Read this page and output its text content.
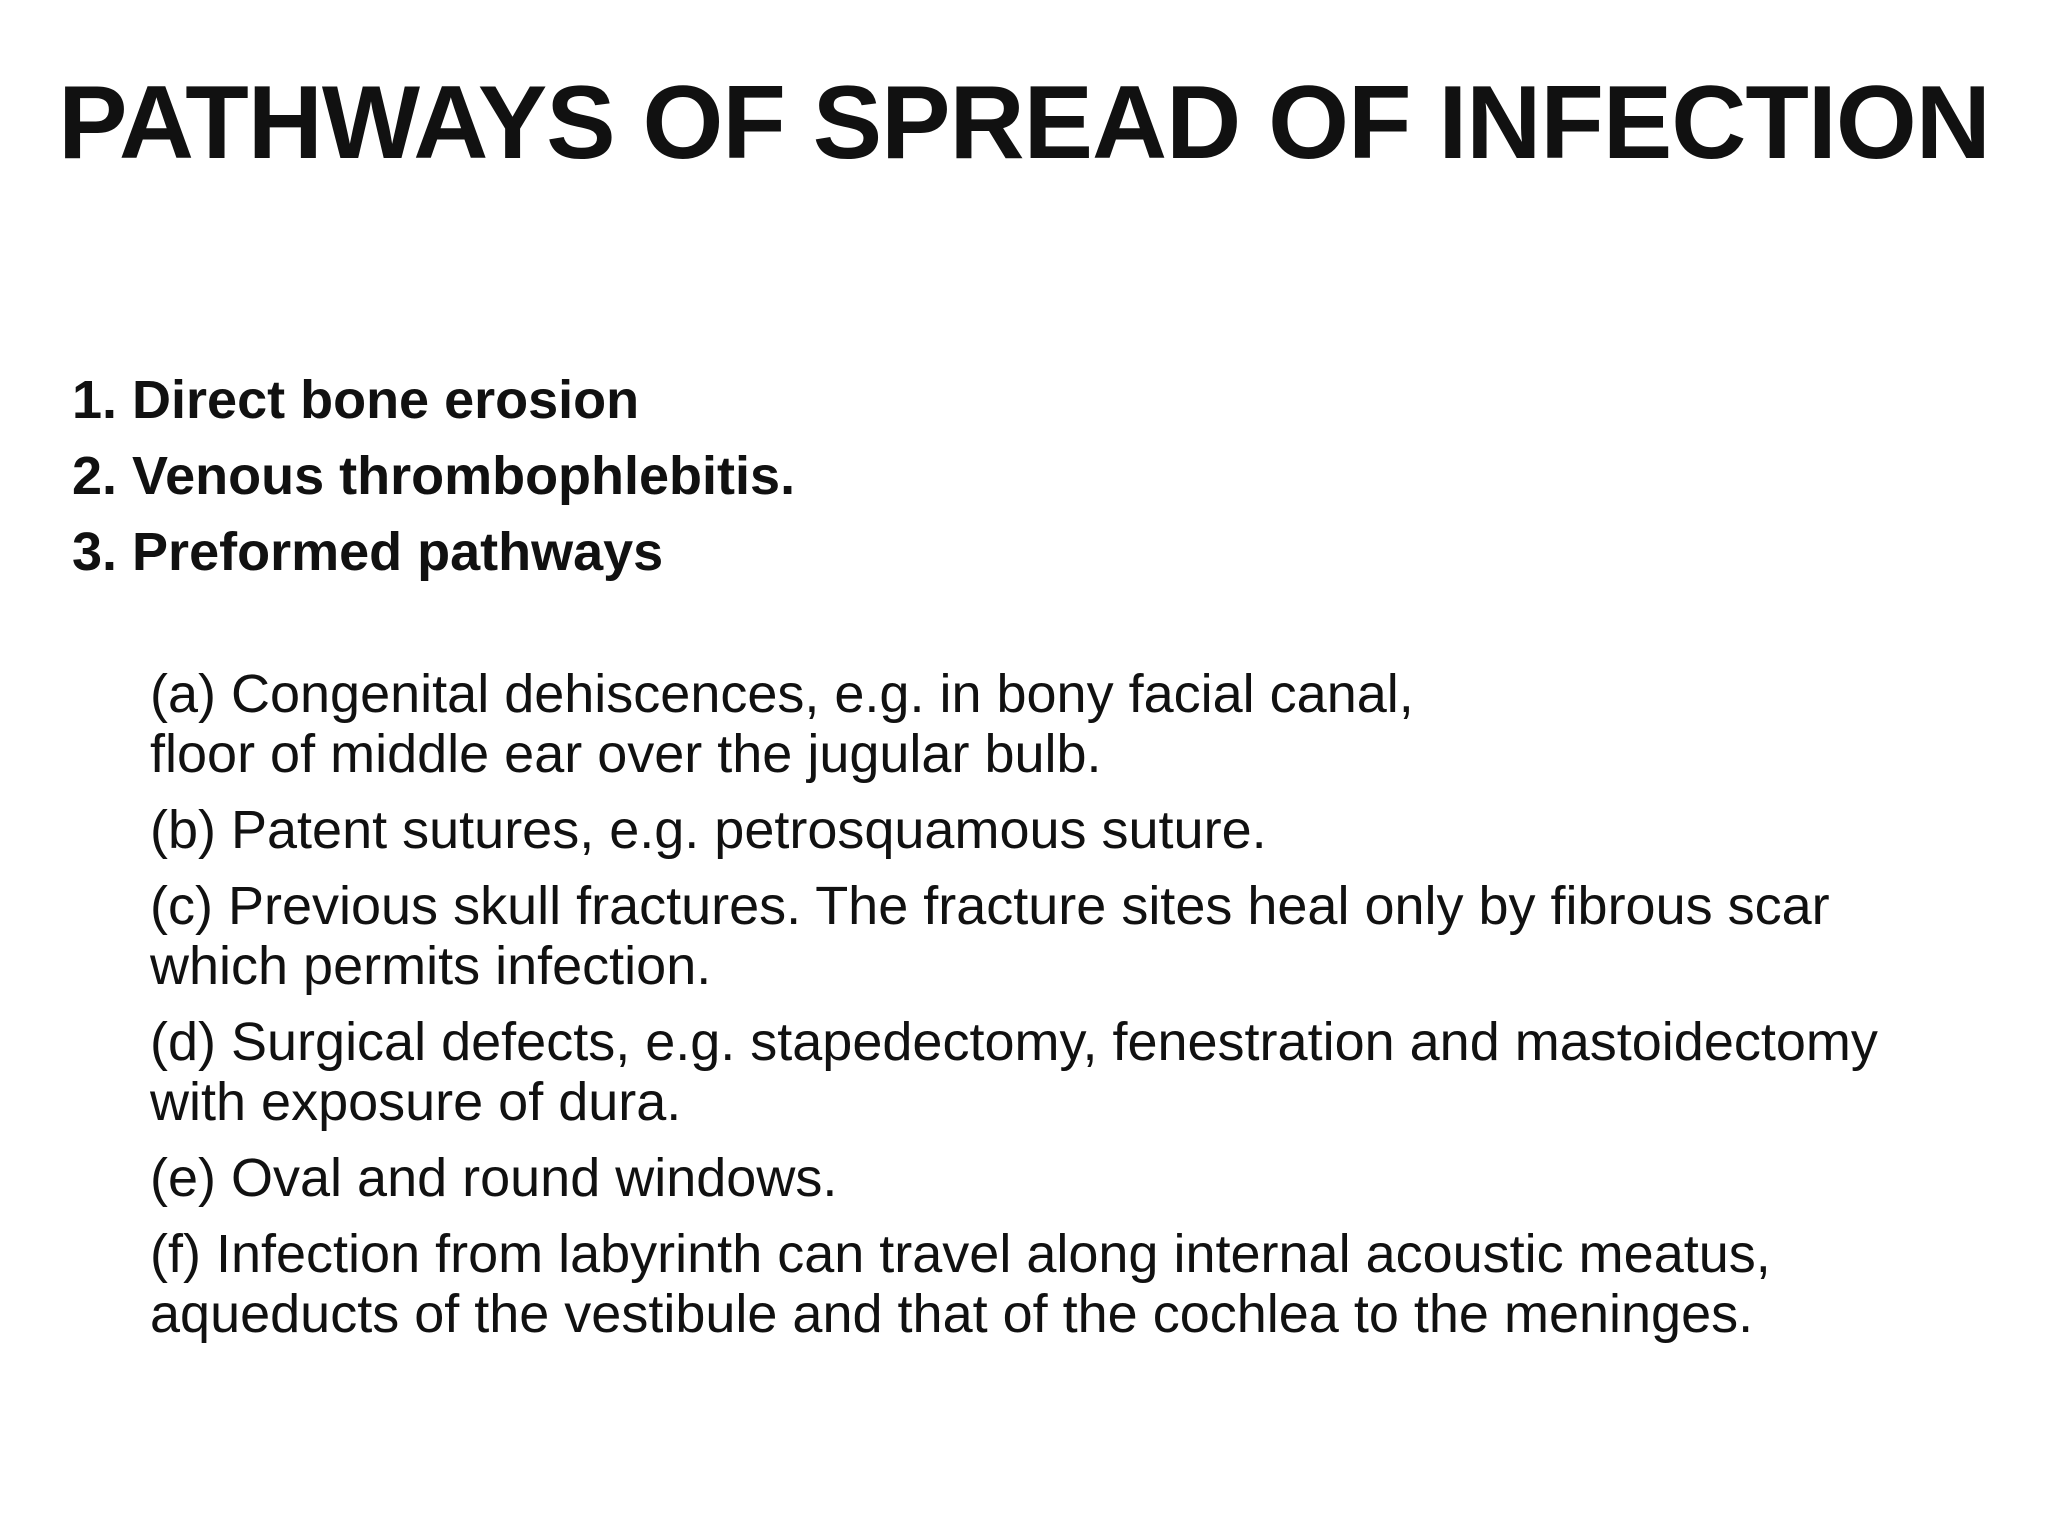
PATHWAYS OF SPREAD OF INFECTION
1. Direct bone erosion
2. Venous thrombophlebitis.
3. Preformed pathways
(a) Congenital dehiscences, e.g. in bony facial canal,
floor of middle ear over the jugular bulb.
(b) Patent sutures, e.g. petrosquamous suture.
(c) Previous skull fractures. The fracture sites heal only by fibrous scar
which permits infection.
(d) Surgical defects, e.g. stapedectomy, fenestration and mastoidectomy
with exposure of dura.
(e) Oval and round windows.
(f) Infection from labyrinth can travel along internal acoustic meatus,
aqueducts of the vestibule and that of the cochlea to the meninges.
